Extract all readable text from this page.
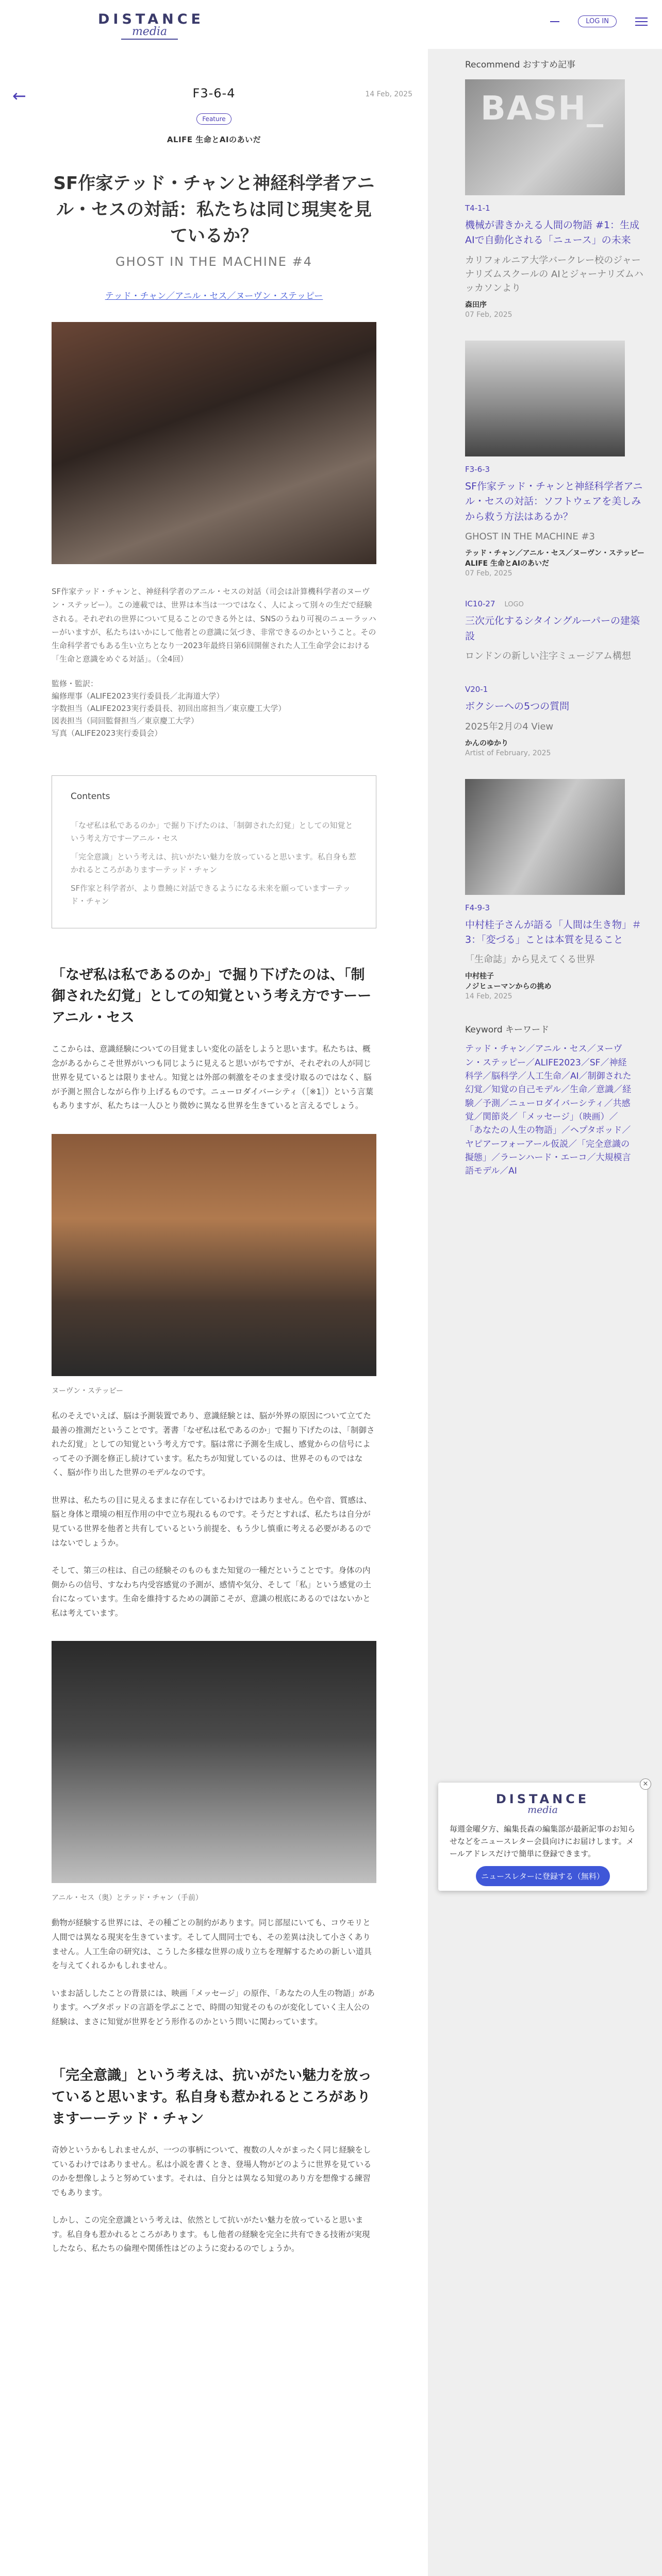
DISTANCE
media
LOG IN
←	F3-6-4	14 Feb, 2025
Feature
ALIFE 生命とAIのあいだ
SF作家テッド・チャンと神経科学者アニル・セスの対話：私たちは同じ現実を見ているか？
GHOST IN THE MACHINE #4
テッド・チャン／アニル・セス／ヌーヴン・ステッピー

SF作家テッド・チャンと、神経科学者のアニル・セスの対話（司会は計算機科学者のヌーヴン・ステッピー）。この連載では、世界は本当は一つではなく、人によって別々の生だで経験される。それぞれの世界について見ることのできる外とは、SNSのうねり可視のニューラッハーがいますが、私たちはいかにして他者との意識に気づき、非常できるのかということ。その生命科学者でもある生い立ちとなり一2023年最終日第6回開催された人工生命学会における「生命と意識をめぐる対話」。（全4回）

監修・監訳：
編修理事（ALIFE2023実行委員長／北海道大学）
字数担当（ALIFE2023実行委員長、初回出席担当／東京慶工大学）
図表担当（同回監督担当／東京慶工大学）
写真（ALIFE2023実行委員会）
Contents
「なぜ私は私であるのか」で掘り下げたのは、「制御された幻覚」としての知覚という考え方ですーアニル・セス
「完全意識」という考えは、抗いがたい魅力を放っていると思います。私自身も惹かれるところがありますーテッド・チャン
SF作家と科学者が、より豊饒に対話できるようになる未来を願っていますーテッド・チャン
「なぜ私は私であるのか」で掘り下げたのは、「制御された幻覚」としての知覚という考え方ですーーアニル・セス

ここからは、意識経験についての目覚ましい変化の話をしようと思います。私たちは、概念があるからこそ世界がいつも同じように見えると思いがちですが、それぞれの人が同じ世界を見ているとは限りません。知覚とは外部の刺激をそのまま受け取るのではなく、脳が予測と照合しながら作り上げるものです。ニューロダイバーシティ（［※1］）という言葉もありますが、私たちは一人ひとり微妙に異なる世界を生きていると言えるでしょう。

ヌーヴン・ステッピー

私のそえでいえば、脳は予測装置であり、意識経験とは、脳が外界の原因について立てた最善の推測だということです。著書「なぜ私は私であるのか」で掘り下げたのは、「制御された幻覚」としての知覚という考え方です。脳は常に予測を生成し、感覚からの信号によってその予測を修正し続けています。私たちが知覚しているのは、世界そのものではなく、脳が作り出した世界のモデルなのです。

世界は、私たちの目に見えるままに存在しているわけではありません。色や音、質感は、脳と身体と環境の相互作用の中で立ち現れるものです。そうだとすれば、私たちは自分が見ている世界を他者と共有しているという前提を、もう少し慎重に考える必要があるのではないでしょうか。

そして、第三の柱は、自己の経験そのものもまた知覚の一種だということです。身体の内側からの信号、すなわち内受容感覚の予測が、感情や気分、そして「私」という感覚の土台になっています。生命を維持するための調節こそが、意識の根底にあるのではないかと私は考えています。

アニル・セス（奥）とテッド・チャン（手前）

動物が経験する世界には、その種ごとの制約があります。同じ部屋にいても、コウモリと人間では異なる現実を生きています。そして人間同士でも、その差異は決して小さくありません。人工生命の研究は、こうした多様な世界の成り立ちを理解するための新しい道具を与えてくれるかもしれません。

いまお話ししたことの背景には、映画「メッセージ」の原作、「あなたの人生の物語」があります。ヘプタポッドの言語を学ぶことで、時間の知覚そのものが変化していく主人公の経験は、まさに知覚が世界をどう形作るのかという問いに関わっています。

「完全意識」という考えは、抗いがたい魅力を放っていると思います。私自身も惹かれるところがありますーーテッド・チャン

奇妙というかもしれませんが、一つの事柄について、複数の人々がまったく同じ経験をしているわけではありません。私は小説を書くとき、登場人物がどのように世界を見ているのかを想像しようと努めています。それは、自分とは異なる知覚のあり方を想像する練習でもあります。

しかし、この完全意識という考えは、依然として抗いがたい魅力を放っていると思います。私自身も惹かれるところがあります。もし他者の経験を完全に共有できる技術が実現したなら、私たちの倫理や関係性はどのように変わるのでしょうか。

Recommend おすすめ記事
BASH_
T4-1-1
機械が書きかえる人間の物語 #1：生成AIで自動化される「ニュース」の未来
カリフォルニア大学バークレー校のジャーナリズムスクールの AIとジャーナリズムハッカソンより
森田序
07 Feb, 2025
F3-6-3
SF作家テッド・チャンと神経科学者アニル・セスの対話：ソフトウェアを美しみから救う方法はあるか？
GHOST IN THE MACHINE #3
テッド・チャン／アニル・セス／ヌーヴン・ステッピー
ALIFE 生命とAIのあいだ
07 Feb, 2025
IC10-27 LOGO
三次元化するシタイングルーパーの建築設
ロンドンの新しい注字ミュージアム構想
V20-1
ボクシーへの5つの質問
2025年2月の4 View
かんのゆかり
Artist of February, 2025
F4-9-3
中村桂子さんが語る「人間は生き物」＃3：「変づる」ことは本質を見ること
「生命誌」から見えてくる世界
中村桂子
ノジヒューマンからの挑め
14 Feb, 2025
Keyword キーワード
テッド・チャン／アニル・セス／ヌーヴン・ステッピー／ALIFE2023／SF／神経科学／脳科学／人工生命／AI／制御された幻覚／知覚の自己モデル／生命／意識／経験／予測／ニューロダイバーシティ／共感覚／関節炎／「メッセージ」（映画）／「あなたの人生の物語」／ヘプタポッド／ヤピアーフォーアール仮説／「完全意識の擬態」／ラーンハード・エーコ／大規模言語モデル／AI
×
DISTANCE
media
毎週金曜夕方、編集長森の編集部が最新記事のお知らせなどをニュースレター会員向けにお届けします。メールアドレスだけで簡単に登録できます。
ニュースレターに登録する（無料）
